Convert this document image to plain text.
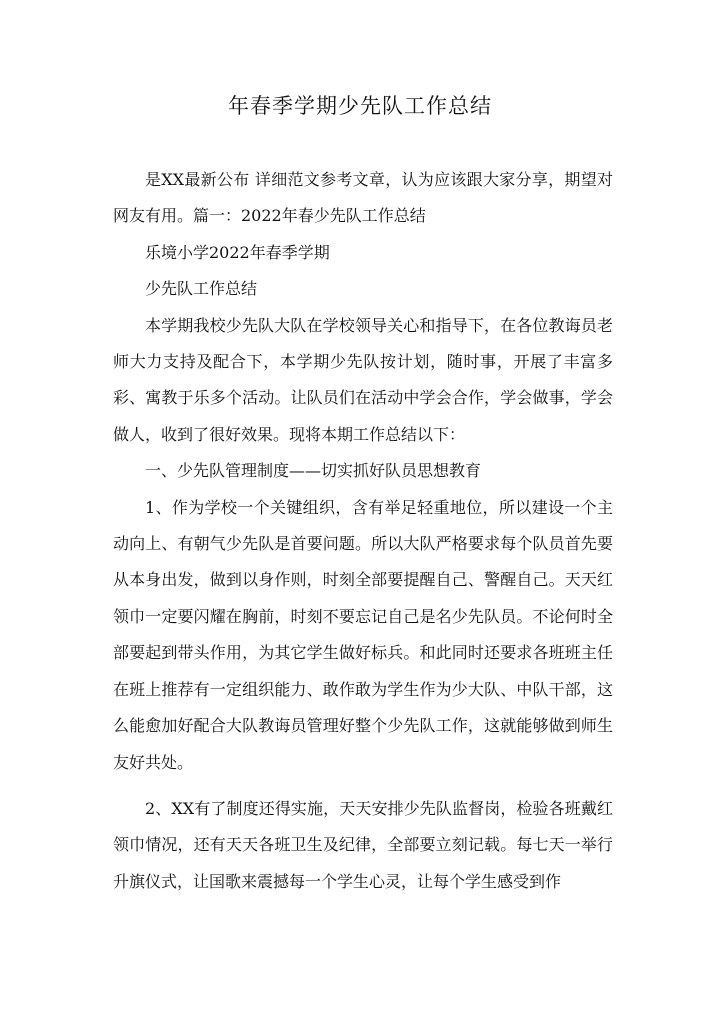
年春季学期少先队工作总结

是XX最新公布 详细范文参考文章，认为应该跟大家分享，期望对网友有用。篇一：2022年春少先队工作总结

乐境小学2022年春季学期

少先队工作总结

本学期我校少先队大队在学校领导关心和指导下，在各位教诲员老师大力支持及配合下，本学期少先队按计划，随时事，开展了丰富多彩、寓教于乐多个活动。让队员们在活动中学会合作，学会做事，学会做人，收到了很好效果。现将本期工作总结以下：

一、少先队管理制度——切实抓好队员思想教育

1、作为学校一个关键组织，含有举足轻重地位，所以建设一个主动向上、有朝气少先队是首要问题。所以大队严格要求每个队员首先要从本身出发，做到以身作则，时刻全部要提醒自己、警醒自己。天天红领巾一定要闪耀在胸前，时刻不要忘记自己是名少先队员。不论何时全部要起到带头作用，为其它学生做好标兵。和此同时还要求各班班主任在班上推荐有一定组织能力、敢作敢为学生作为少大队、中队干部，这么能愈加好配合大队教诲员管理好整个少先队工作，这就能够做到师生友好共处。

2、XX有了制度还得实施，天天安排少先队监督岗，检验各班戴红领巾情况，还有天天各班卫生及纪律，全部要立刻记载。每七天一举行升旗仪式，让国歌来震撼每一个学生心灵，让每个学生感受到作
